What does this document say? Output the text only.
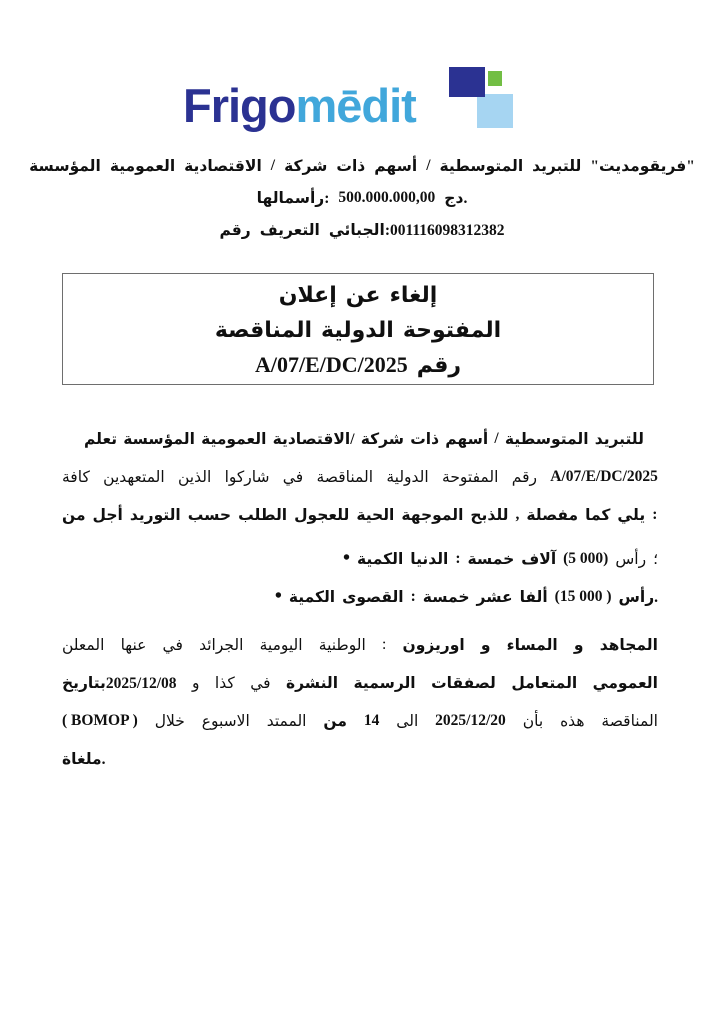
Frigomēdit
المؤسسة العمومية الاقتصادية / شركة ذات أسهم / المتوسطية للتبريد "فريقومديت"
رأسمالها: 500.000.000,00 دج.
رقم التعريف الجبائي:‎001116098312382
إعلان عن إلغاء
المناقصة الدولية المفتوحة
A/07/E/DC/2025 رقم
تعلم المؤسسة العمومية الاقتصادية/ شركة ذات أسهم / المتوسطية للتبريد
كافة المتعهدين الذين شاركوا في المناقصة الدولية المفتوحة رقم A/07/E/DC/2025
من أجل التوريد حسب الطلب للعجول الحية الموجهة للذبح , مفصلة كما يلي :
• الكمية الدنيا : خمسة آلاف (5 000) رأس ؛
• الكمية القصوى : خمسة عشر ألفا (15 000 ) رأس.
المعلن عنها في الجرائد اليومية الوطنية : اوريزون و المساء و المجاهد
بتاريخ‎2025/12/08 و كذا في النشرة الرسمية لصفقات المتعامل العمومي
( BOMOP ) خلال الاسبوع الممتد من 14 الى 2025/12/20 بأن هذه المناقصة
ملغاة.
